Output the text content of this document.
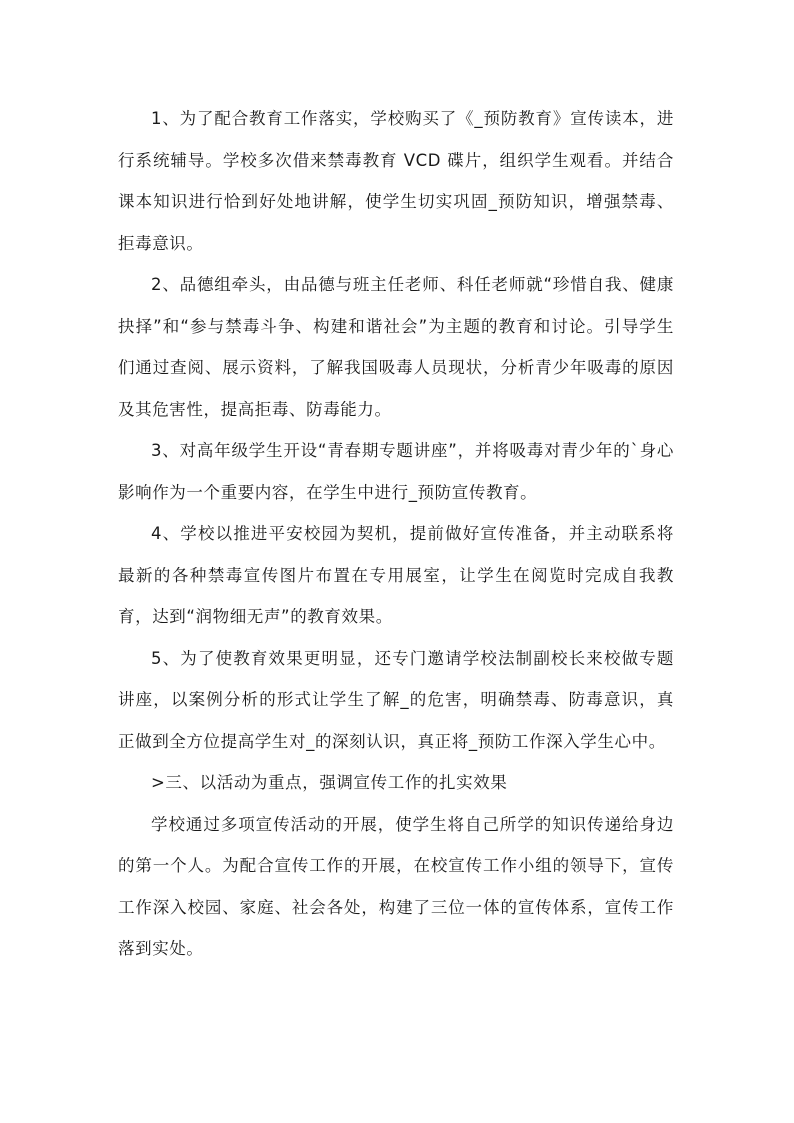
1、为了配合教育工作落实，学校购买了《_预防教育》宣传读本，进行系统辅导。学校多次借来禁毒教育 VCD 碟片，组织学生观看。并结合课本知识进行恰到好处地讲解，使学生切实巩固_预防知识，增强禁毒、拒毒意识。

2、品德组牵头，由品德与班主任老师、科任老师就“珍惜自我、健康抉择”和“参与禁毒斗争、构建和谐社会”为主题的教育和讨论。引导学生们通过查阅、展示资料，了解我国吸毒人员现状，分析青少年吸毒的原因及其危害性，提高拒毒、防毒能力。

3、对高年级学生开设“青春期专题讲座”，并将吸毒对青少年的`身心影响作为一个重要内容，在学生中进行_预防宣传教育。

4、学校以推进平安校园为契机，提前做好宣传准备，并主动联系将最新的各种禁毒宣传图片布置在专用展室，让学生在阅览时完成自我教育，达到“润物细无声”的教育效果。

5、为了使教育效果更明显，还专门邀请学校法制副校长来校做专题讲座，以案例分析的形式让学生了解_的危害，明确禁毒、防毒意识，真正做到全方位提高学生对_的深刻认识，真正将_预防工作深入学生心中。

>三、以活动为重点，强调宣传工作的扎实效果

学校通过多项宣传活动的开展，使学生将自己所学的知识传递给身边的第一个人。为配合宣传工作的开展，在校宣传工作小组的领导下，宣传工作深入校园、家庭、社会各处，构建了三位一体的宣传体系，宣传工作落到实处。
